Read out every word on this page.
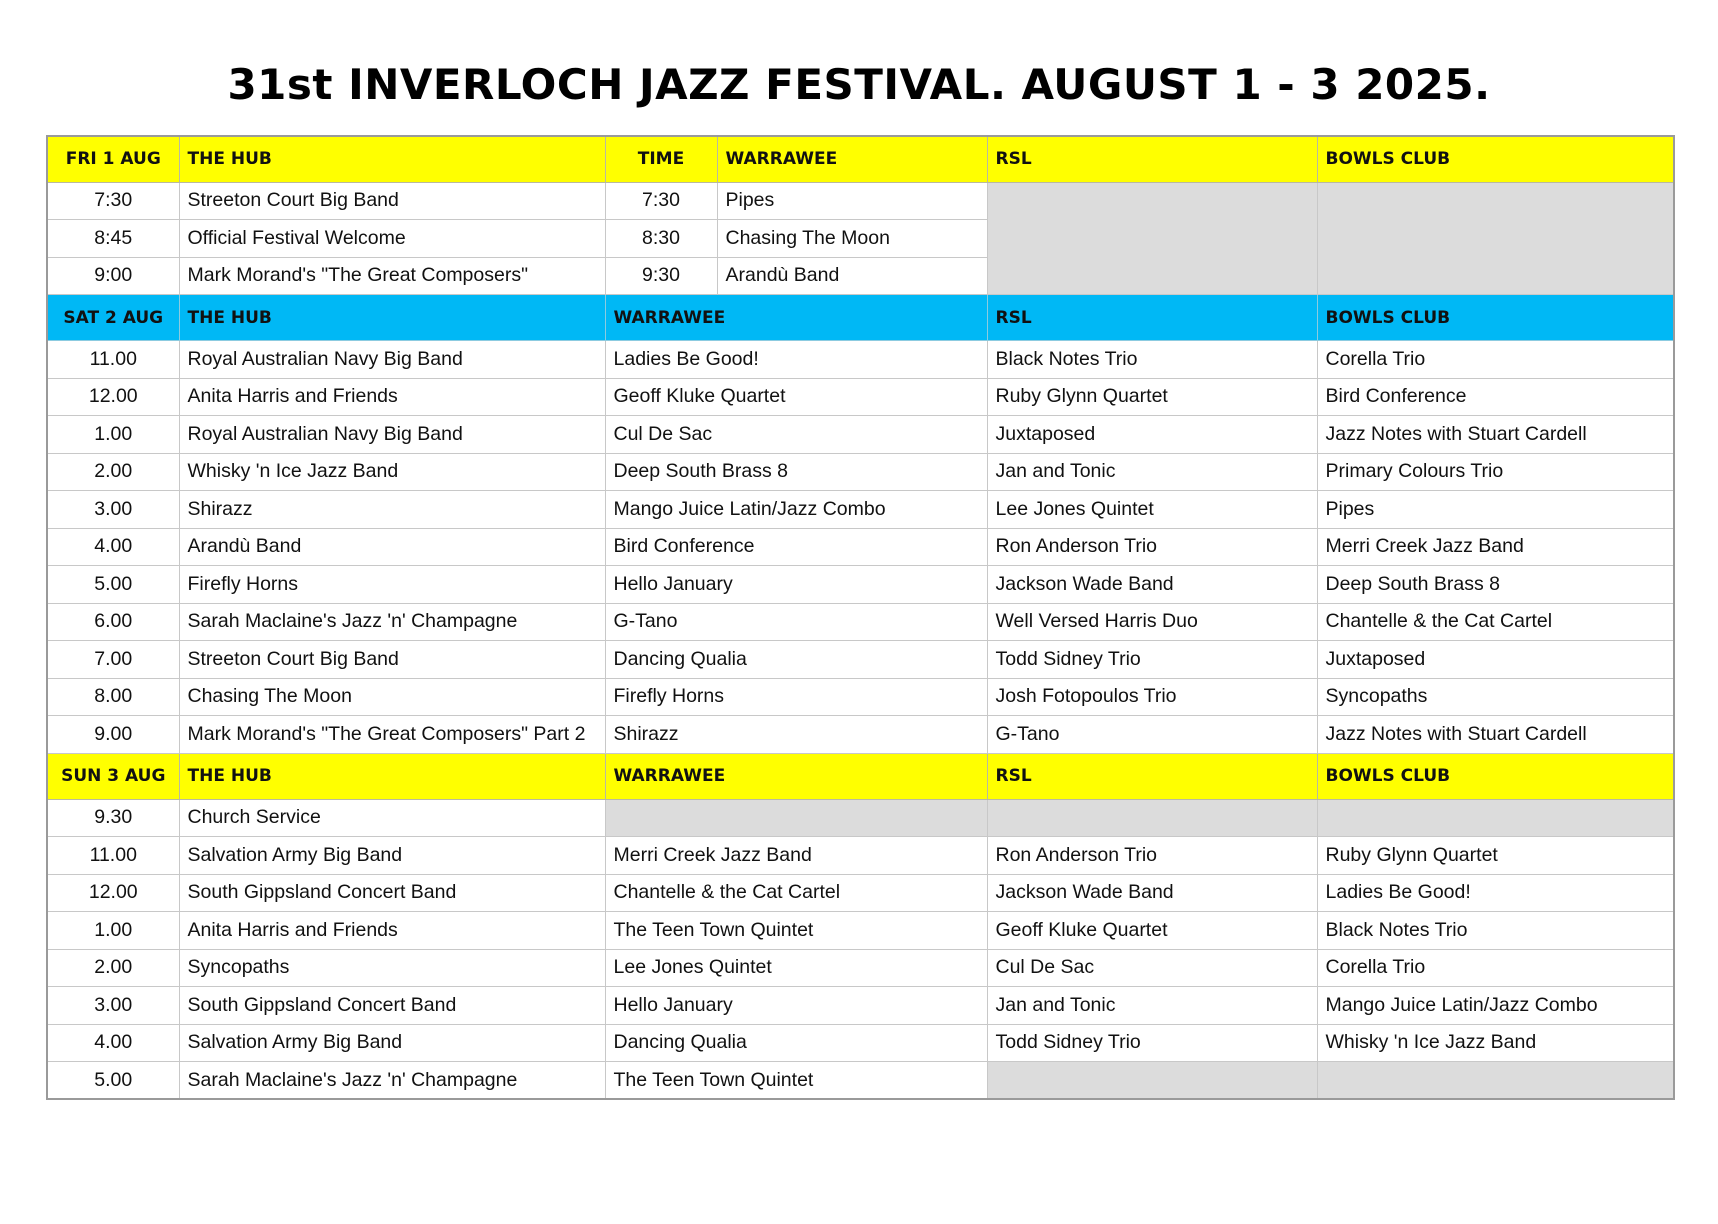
31st INVERLOCH JAZZ FESTIVAL. AUGUST 1 - 3 2025.
FRI 1 AUG	THE HUB	TIME	WARRAWEE	RSL	BOWLS CLUB
7:30	Streeton Court Big Band	7:30	Pipes		
8:45	Official Festival Welcome	8:30	Chasing The Moon		
9:00	Mark Morand's "The Great Composers"	9:30	Arandù Band		
SAT 2 AUG	THE HUB	WARRAWEE		RSL	BOWLS CLUB
11.00	Royal Australian Navy Big Band	Ladies Be Good!		Black Notes Trio	Corella Trio
12.00	Anita Harris and Friends	Geoff Kluke Quartet		Ruby Glynn Quartet	Bird Conference
1.00	Royal Australian Navy Big Band	Cul De Sac		Juxtaposed	Jazz Notes with Stuart Cardell
2.00	Whisky 'n Ice Jazz Band	Deep South Brass 8		Jan and Tonic	Primary Colours Trio
3.00	Shirazz	Mango Juice Latin/Jazz Combo		Lee Jones Quintet	Pipes
4.00	Arandù Band	Bird Conference		Ron Anderson Trio	Merri Creek Jazz Band
5.00	Firefly Horns	Hello January		Jackson Wade Band	Deep South Brass 8
6.00	Sarah Maclaine's Jazz 'n' Champagne	G-Tano		Well Versed Harris Duo	Chantelle & the Cat Cartel
7.00	Streeton Court Big Band	Dancing Qualia		Todd Sidney Trio	Juxtaposed
8.00	Chasing The Moon	Firefly Horns		Josh Fotopoulos Trio	Syncopaths
9.00	Mark Morand's "The Great Composers" Part 2	Shirazz		G-Tano	Jazz Notes with Stuart Cardell
SUN 3 AUG	THE HUB	WARRAWEE		RSL	BOWLS CLUB
9.30	Church Service				
11.00	Salvation Army Big Band	Merri Creek Jazz Band		Ron Anderson Trio	Ruby Glynn Quartet
12.00	South Gippsland Concert Band	Chantelle & the Cat Cartel		Jackson Wade Band	Ladies Be Good!
1.00	Anita Harris and Friends	The Teen Town Quintet		Geoff Kluke Quartet	Black Notes Trio
2.00	Syncopaths	Lee Jones Quintet		Cul De Sac	Corella Trio
3.00	South Gippsland Concert Band	Hello January		Jan and Tonic	Mango Juice Latin/Jazz Combo
4.00	Salvation Army Big Band	Dancing Qualia		Todd Sidney Trio	Whisky 'n Ice Jazz Band
5.00	Sarah Maclaine's Jazz 'n' Champagne	The Teen Town Quintet			
